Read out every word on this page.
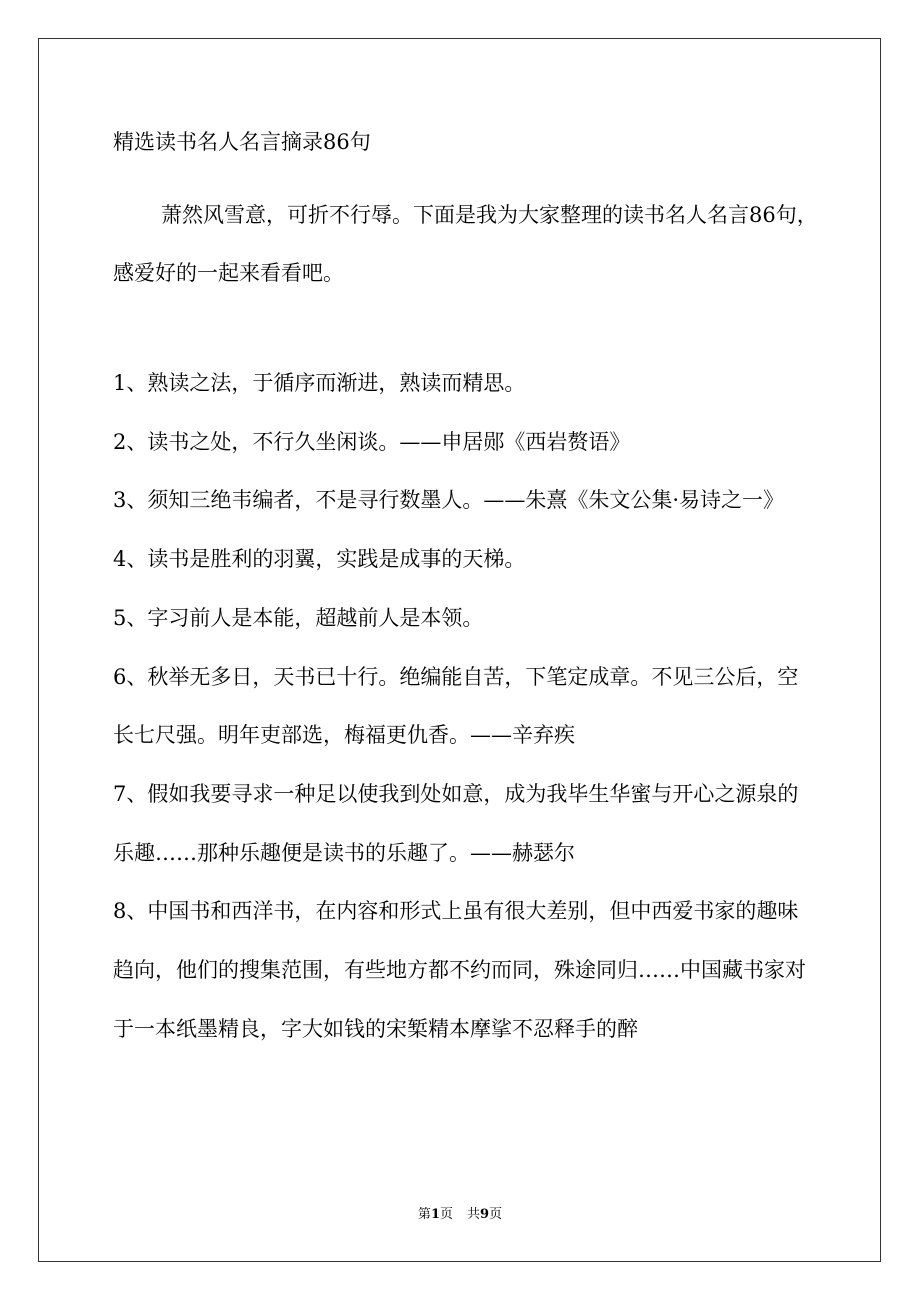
精选读书名人名言摘录86句

萧然风雪意，可折不行辱。下面是我为大家整理的读书名人名言86句，感爱好的一起来看看吧。

1、熟读之法，于循序而渐进，熟读而精思。
2、读书之处，不行久坐闲谈。——申居郧《西岩赘语》
3、须知三绝韦编者，不是寻行数墨人。——朱熹《朱文公集·易诗之一》
4、读书是胜利的羽翼，实践是成事的天梯。
5、字习前人是本能，超越前人是本领。
6、秋举无多日，天书已十行。绝编能自苦，下笔定成章。不见三公后，空长七尺强。明年吏部选，梅福更仇香。——辛弃疾
7、假如我要寻求一种足以使我到处如意，成为我毕生华蜜与开心之源泉的乐趣……那种乐趣便是读书的乐趣了。——赫瑟尔
8、中国书和西洋书，在内容和形式上虽有很大差别，但中西爱书家的趣味趋向，他们的搜集范围，有些地方都不约而同，殊途同归……中国藏书家对于一本纸墨精良，字大如钱的宋椠精本摩挲不忍释手的醉
第1页 共9页
